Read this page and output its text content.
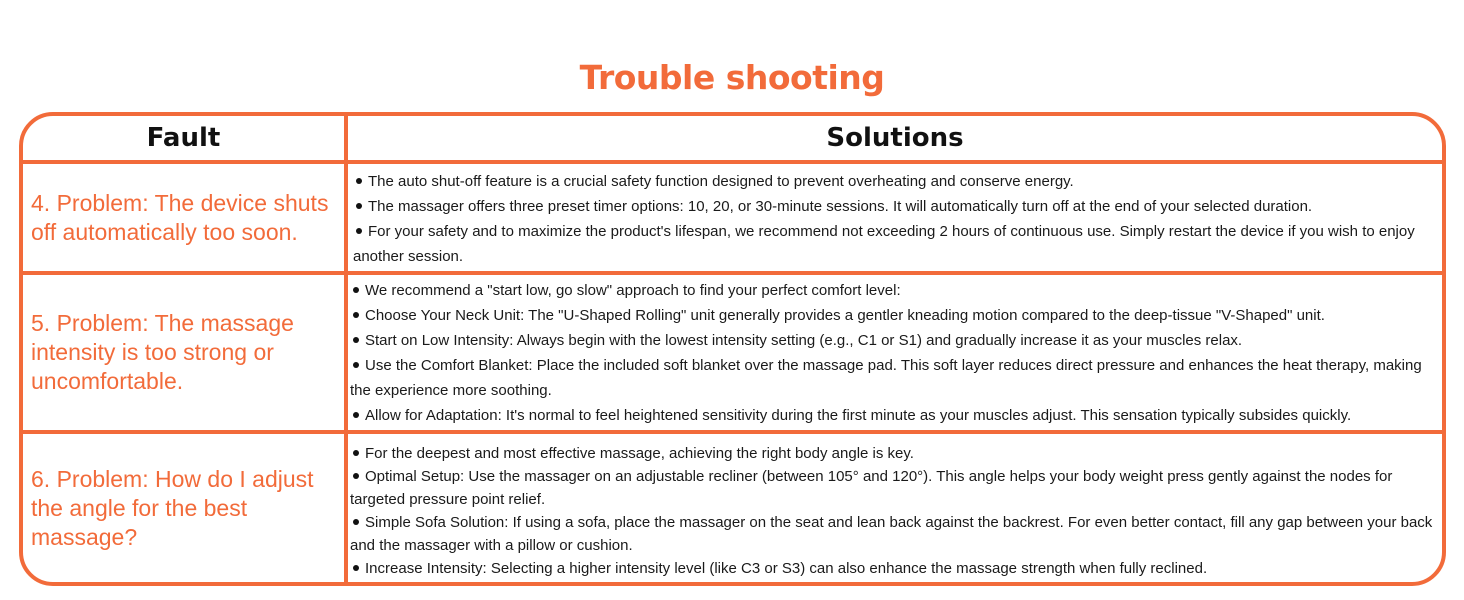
Trouble shooting
Fault	Solutions
4. Problem: The device shuts off automatically too soon.
The auto shut-off feature is a crucial safety function designed to prevent overheating and conserve energy.
The massager offers three preset timer options: 10, 20, or 30-minute sessions. It will automatically turn off at the end of your selected duration.
For your safety and to maximize the product's lifespan, we recommend not exceeding 2 hours of continuous use. Simply restart the device if you wish to enjoy another session.
5. Problem: The massage intensity is too strong or uncomfortable.
We recommend a "start low, go slow" approach to find your perfect comfort level:
Choose Your Neck Unit: The "U-Shaped Rolling" unit generally provides a gentler kneading motion compared to the deep-tissue "V-Shaped" unit.
Start on Low Intensity: Always begin with the lowest intensity setting (e.g., C1 or S1) and gradually increase it as your muscles relax.
Use the Comfort Blanket: Place the included soft blanket over the massage pad. This soft layer reduces direct pressure and enhances the heat therapy, making the experience more soothing.
Allow for Adaptation: It's normal to feel heightened sensitivity during the first minute as your muscles adjust. This sensation typically subsides quickly.
6. Problem: How do I adjust the angle for the best massage?
For the deepest and most effective massage, achieving the right body angle is key.
Optimal Setup: Use the massager on an adjustable recliner (between 105° and 120°). This angle helps your body weight press gently against the nodes for targeted pressure point relief.
Simple Sofa Solution: If using a sofa, place the massager on the seat and lean back against the backrest. For even better contact, fill any gap between your back and the massager with a pillow or cushion.
Increase Intensity: Selecting a higher intensity level (like C3 or S3) can also enhance the massage strength when fully reclined.
